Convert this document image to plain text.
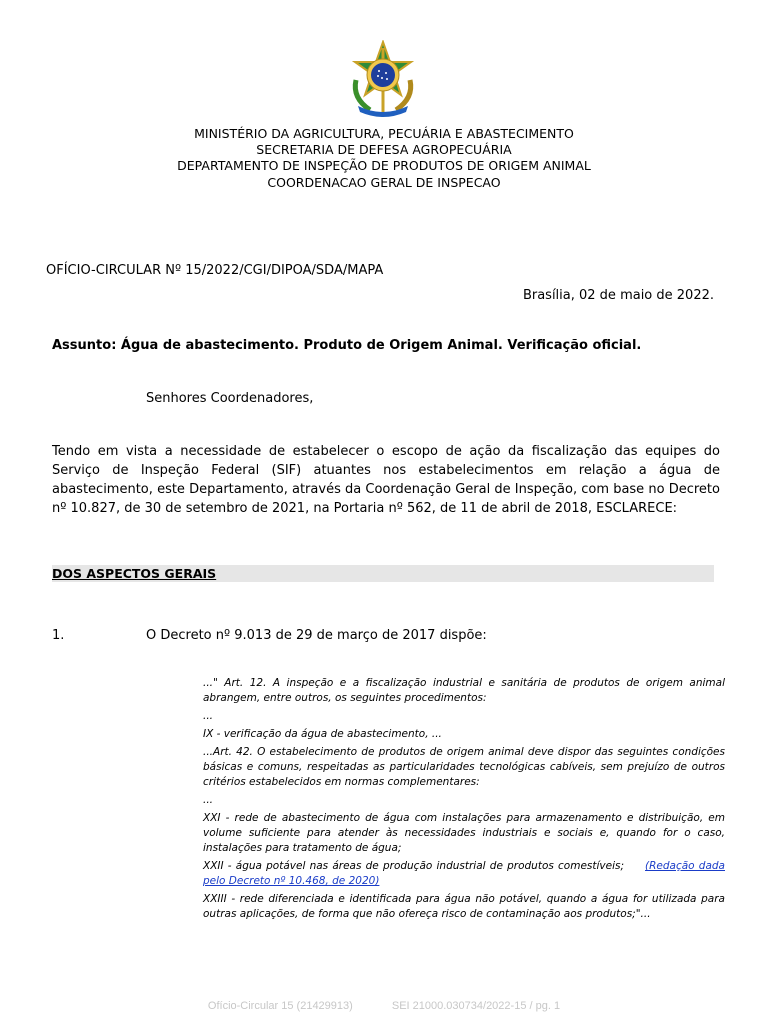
MINISTÉRIO DA AGRICULTURA, PECUÁRIA E ABASTECIMENTO
SECRETARIA DE DEFESA AGROPECUÁRIA
DEPARTAMENTO DE INSPEÇÃO DE PRODUTOS DE ORIGEM ANIMAL
COORDENACAO GERAL DE INSPECAO
OFÍCIO-CIRCULAR Nº 15/2022/CGI/DIPOA/SDA/MAPA
Brasília, 02 de maio de 2022.
Assunto: Água de abastecimento. Produto de Origem Animal. Verificação oficial.
Senhores Coordenadores,
Tendo em vista a necessidade de estabelecer o escopo de ação da fiscalização das equipes do Serviço de Inspeção Federal (SIF) atuantes nos estabelecimentos em relação a água de abastecimento, este Departamento, através da Coordenação Geral de Inspeção, com base no Decreto nº 10.827, de 30 de setembro de 2021, na Portaria nº 562, de 11 de abril de 2018, ESCLARECE:
DOS ASPECTOS GERAIS
1.	O Decreto nº 9.013 de 29 de março de 2017 dispõe:

..." Art. 12. A inspeção e a fiscalização industrial e sanitária de produtos de origem animal abrangem, entre outros, os seguintes procedimentos:

...

IX - verificação da água de abastecimento, ...

...Art. 42. O estabelecimento de produtos de origem animal deve dispor das seguintes condições básicas e comuns, respeitadas as particularidades tecnológicas cabíveis, sem prejuízo de outros critérios estabelecidos em normas complementares:

...

XXI - rede de abastecimento de água com instalações para armazenamento e distribuição, em volume suficiente para atender às necessidades industriais e sociais e, quando for o caso, instalações para tratamento de água;

XXII - água potável nas áreas de produção industrial de produtos comestíveis; (Redação dada pelo Decreto nº 10.468, de 2020)

XXIII - rede diferenciada e identificada para água não potável, quando a água for utilizada para outras aplicações, de forma que não ofereça risco de contaminação aos produtos;"...

Ofício-Circular 15 (21429913)	SEI 21000.030734/2022-15 / pg. 1
